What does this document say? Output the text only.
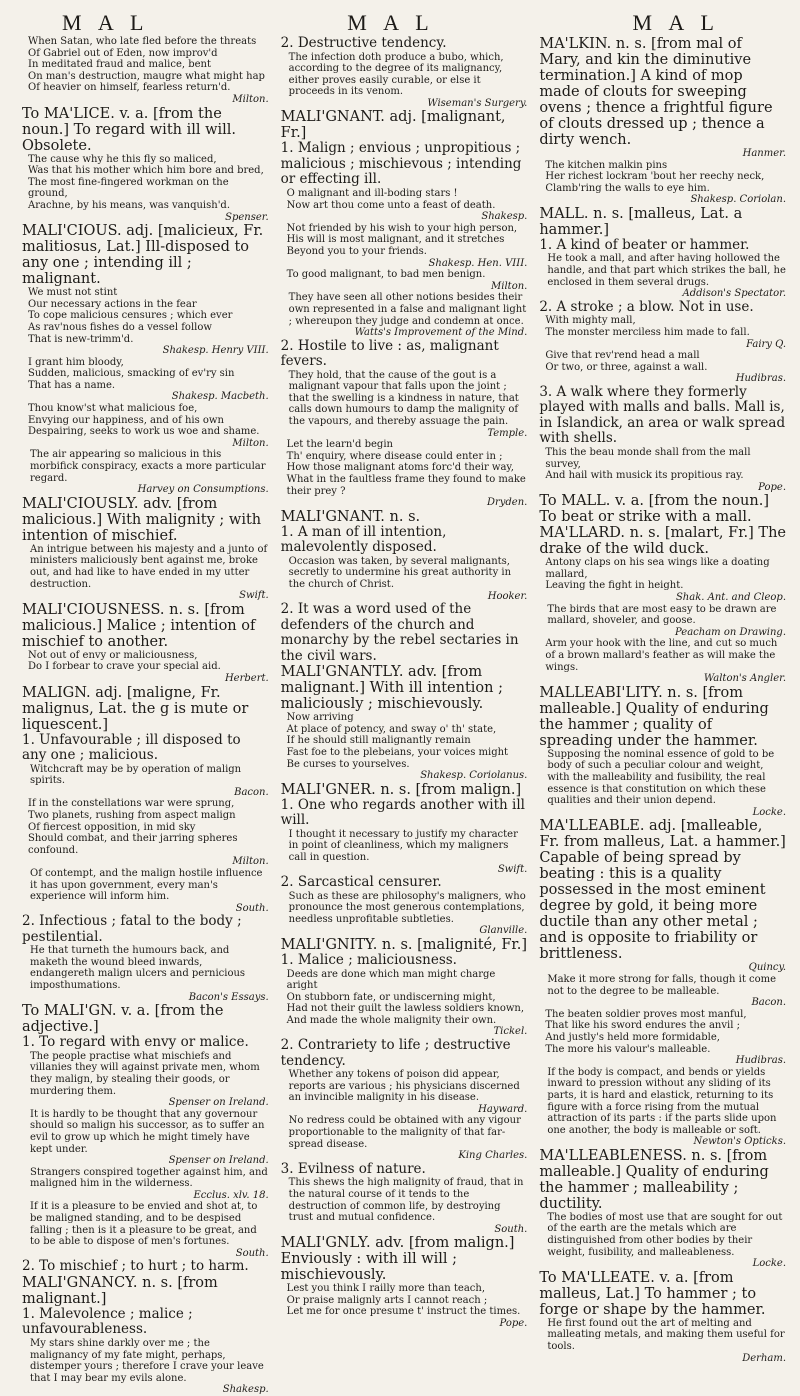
M A L	M A L	M A L

When Satan, who late fled before the threats

Of Gabriel out of Eden, now improv'd

In meditated fraud and malice, bent

On man's destruction, maugre what might hap

Of heavier on himself, fearless return'd.

Milton.

To MA'LICE. v. a. [from the noun.] To regard with ill will. Obsolete.

The cause why he this fly so maliced,

Was that his mother which him bore and bred,

The most fine-fingered workman on the ground,

Arachne, by his means, was vanquish'd.

Spenser.

MALI'CIOUS. adj. [malicieux, Fr. malitiosus, Lat.] Ill-disposed to any one ; intending ill ; malignant.

We must not stint

Our necessary actions in the fear

To cope malicious censures ; which ever

As rav'nous fishes do a vessel follow

That is new-trimm'd.

Shakesp. Henry VIII.

I grant him bloody,

Sudden, malicious, smacking of ev'ry sin

That has a name.

Shakesp. Macbeth.

Thou know'st what malicious foe,

Envying our happiness, and of his own

Despairing, seeks to work us woe and shame.

Milton.

The air appearing so malicious in this morbifick conspiracy, exacts a more particular regard.

Harvey on Consumptions.

MALI'CIOUSLY. adv. [from malicious.] With malignity ; with intention of mischief.

An intrigue between his majesty and a junto of ministers maliciously bent against me, broke out, and had like to have ended in my utter destruction.

Swift.

MALI'CIOUSNESS. n. s. [from malicious.] Malice ; intention of mischief to another.

Not out of envy or maliciousness,

Do I forbear to crave your special aid.

Herbert.

MALIGN. adj. [maligne, Fr. malignus, Lat. the g is mute or liquescent.]

1. Unfavourable ; ill disposed to any one ; malicious.

Witchcraft may be by operation of malign spirits.

Bacon.

If in the constellations war were sprung,

Two planets, rushing from aspect malign

Of fiercest opposition, in mid sky

Should combat, and their jarring spheres confound.

Milton.

Of contempt, and the malign hostile influence it has upon government, every man's experience will inform him.

South.

2. Infectious ; fatal to the body ; pestilential.

He that turneth the humours back, and maketh the wound bleed inwards, endangereth malign ulcers and pernicious imposthumations.

Bacon's Essays.

To MALI'GN. v. a. [from the adjective.]

1. To regard with envy or malice.

The people practise what mischiefs and villanies they will against private men, whom they malign, by stealing their goods, or murdering them.

Spenser on Ireland.

It is hardly to be thought that any governour should so malign his successor, as to suffer an evil to grow up which he might timely have kept under.

Spenser on Ireland.

Strangers conspired together against him, and maligned him in the wilderness.

Ecclus. xlv. 18.

If it is a pleasure to be envied and shot at, to be maligned standing, and to be despised falling ; then is it a pleasure to be great, and to be able to dispose of men's fortunes.

South.

2. To mischief ; to hurt ; to harm.

MALI'GNANCY. n. s. [from malignant.]

1. Malevolence ; malice ; unfavourableness.

My stars shine darkly over me ; the malignancy of my fate might, perhaps, distemper yours ; therefore I crave your leave that I may bear my evils alone.

Shakesp.

2. Destructive tendency.

The infection doth produce a bubo, which, according to the degree of its malignancy, either proves easily curable, or else it proceeds in its venom.

Wiseman's Surgery.

MALI'GNANT. adj. [malignant, Fr.]

1. Malign ; envious ; unpropitious ; malicious ; mischievous ; intending or effecting ill.

O malignant and ill-boding stars !

Now art thou come unto a feast of death.

Shakesp.

Not friended by his wish to your high person,

His will is most malignant, and it stretches

Beyond you to your friends.

Shakesp. Hen. VIII.

To good malignant, to bad men benign.

Milton.

They have seen all other notions besides their own represented in a false and malignant light ; whereupon they judge and condemn at once.

Watts's Improvement of the Mind.

2. Hostile to live : as, malignant fevers.

They hold, that the cause of the gout is a malignant vapour that falls upon the joint ; that the swelling is a kindness in nature, that calls down humours to damp the malignity of the vapours, and thereby assuage the pain.

Temple.

Let the learn'd begin

Th' enquiry, where disease could enter in ;

How those malignant atoms forc'd their way,

What in the faultless frame they found to make their prey ?

Dryden.

MALI'GNANT. n. s.

1. A man of ill intention, malevolently disposed.

Occasion was taken, by several malignants, secretly to undermine his great authority in the church of Christ.

Hooker.

2. It was a word used of the defenders of the church and monarchy by the rebel sectaries in the civil wars.

MALI'GNANTLY. adv. [from malignant.] With ill intention ; maliciously ; mischievously.

Now arriving

At place of potency, and sway o' th' state,

If he should still malignantly remain

Fast foe to the plebeians, your voices might

Be curses to yourselves.

Shakesp. Coriolanus.

MALI'GNER. n. s. [from malign.]

1. One who regards another with ill will.

I thought it necessary to justify my character in point of cleanliness, which my maligners call in question.

Swift.

2. Sarcastical censurer.

Such as these are philosophy's maligners, who pronounce the most generous contemplations, needless unprofitable subtleties.

Glanville.

MALI'GNITY. n. s. [malignité, Fr.]

1. Malice ; maliciousness.

Deeds are done which man might charge aright

On stubborn fate, or undiscerning might,

Had not their guilt the lawless soldiers known,

And made the whole malignity their own.

Tickel.

2. Contrariety to life ; destructive tendency.

Whether any tokens of poison did appear, reports are various ; his physicians discerned an invincible malignity in his disease.

Hayward.

No redress could be obtained with any vigour proportionable to the malignity of that far-spread disease.

King Charles.

3. Evilness of nature.

This shews the high malignity of fraud, that in the natural course of it tends to the destruction of common life, by destroying trust and mutual confidence.

South.

MALI'GNLY. adv. [from malign.] Enviously : with ill will ; mischievously.

Lest you think I railly more than teach,

Or praise malignly arts I cannot reach ;

Let me for once presume t' instruct the times.

Pope.

MA'LKIN. n. s. [from mal of Mary, and kin the diminutive termination.] A kind of mop made of clouts for sweeping ovens ; thence a frightful figure of clouts dressed up ; thence a dirty wench.

Hanmer.

The kitchen malkin pins

Her richest lockram 'bout her reechy neck,

Clamb'ring the walls to eye him.

Shakesp. Coriolan.

MALL. n. s. [malleus, Lat. a hammer.]

1. A kind of beater or hammer.

He took a mall, and after having hollowed the handle, and that part which strikes the ball, he enclosed in them several drugs.

Addison's Spectator.

2. A stroke ; a blow. Not in use.

With mighty mall,

The monster merciless him made to fall.

Fairy Q.

Give that rev'rend head a mall

Or two, or three, against a wall.

Hudibras.

3. A walk where they formerly played with malls and balls. Mall is, in Islandick, an area or walk spread with shells.

This the beau monde shall from the mall survey,

And hail with musick its propitious ray.

Pope.

To MALL. v. a. [from the noun.] To beat or strike with a mall.

MA'LLARD. n. s. [malart, Fr.] The drake of the wild duck.

Antony claps on his sea wings like a doating mallard,

Leaving the fight in height.

Shak. Ant. and Cleop.

The birds that are most easy to be drawn are mallard, shoveler, and goose.

Peacham on Drawing.

Arm your hook with the line, and cut so much of a brown mallard's feather as will make the wings.

Walton's Angler.

MALLEABI'LITY. n. s. [from malleable.] Quality of enduring the hammer ; quality of spreading under the hammer.

Supposing the nominal essence of gold to be body of such a peculiar colour and weight, with the malleability and fusibility, the real essence is that constitution on which these qualities and their union depend.

Locke.

MA'LLEABLE. adj. [malleable, Fr. from malleus, Lat. a hammer.] Capable of being spread by beating : this is a quality possessed in the most eminent degree by gold, it being more ductile than any other metal ; and is opposite to friability or brittleness.

Quincy.

Make it more strong for falls, though it come not to the degree to be malleable.

Bacon.

The beaten soldier proves most manful,

That like his sword endures the anvil ;

And justly's held more formidable,

The more his valour's malleable.

Hudibras.

If the body is compact, and bends or yields inward to pression without any sliding of its parts, it is hard and elastick, returning to its figure with a force rising from the mutual attraction of its parts : if the parts slide upon one another, the body is malleable or soft.

Newton's Opticks.

MA'LLEABLENESS. n. s. [from malleable.] Quality of enduring the hammer ; malleability ; ductility.

The bodies of most use that are sought for out of the earth are the metals which are distinguished from other bodies by their weight, fusibility, and malleableness.

Locke.

To MA'LLEATE. v. a. [from malleus, Lat.] To hammer ; to forge or shape by the hammer.

He first found out the art of melting and malleating metals, and making them useful for tools.

Derham.
